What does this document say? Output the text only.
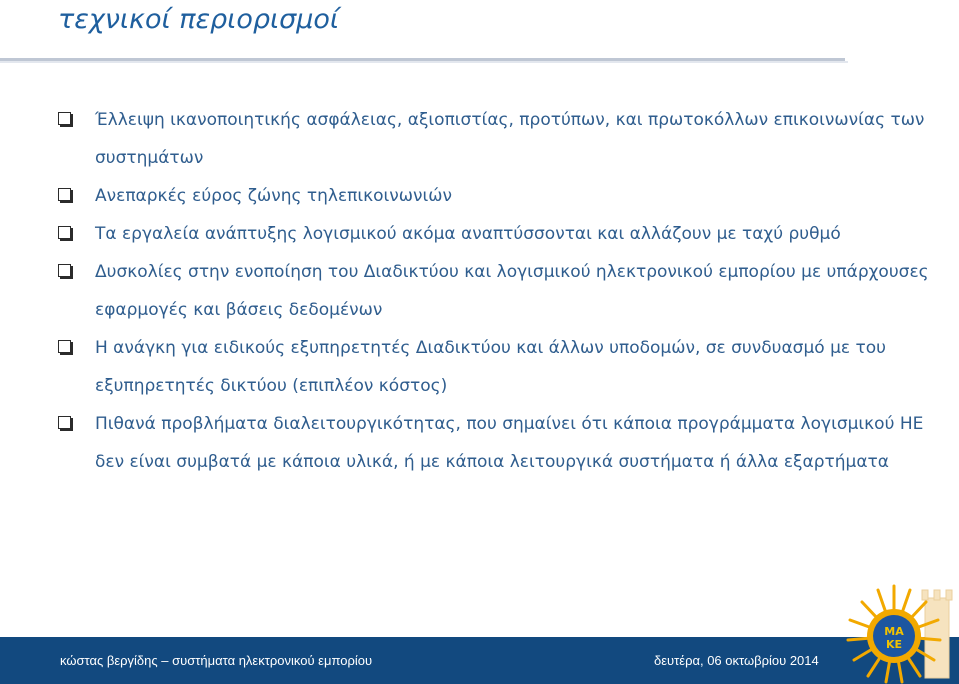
τεχνικοί περιορισμοί
Έλλειψη ικανοποιητικής ασφάλειας, αξιοπιστίας, προτύπων, και πρωτοκόλλων επικοινωνίας των συστημάτων
Ανεπαρκές εύρος ζώνης τηλεπικοινωνιών
Τα εργαλεία ανάπτυξης λογισμικού ακόμα αναπτύσσονται και αλλάζουν με ταχύ ρυθμό
Δυσκολίες στην ενοποίηση του Διαδικτύου και λογισμικού ηλεκτρονικού εμπορίου με υπάρχουσες εφαρμογές και βάσεις δεδομένων
Η ανάγκη για ειδικούς εξυπηρετητές Διαδικτύου και άλλων υποδομών, σε συνδυασμό με του εξυπηρετητές δικτύου (επιπλέον κόστος)
Πιθανά προβλήματα διαλειτουργικότητας, που σημαίνει ότι κάποια προγράμματα λογισμικού ΗΕ δεν είναι συμβατά με κάποια υλικά, ή με κάποια λειτουργικά συστήματα ή άλλα εξαρτήματα
κώστας βεργίδης – συστήματα ηλεκτρονικού εμπορίου	δευτέρα, 06 οκτωβρίου 2014
ΜΑ
ΚΕ
